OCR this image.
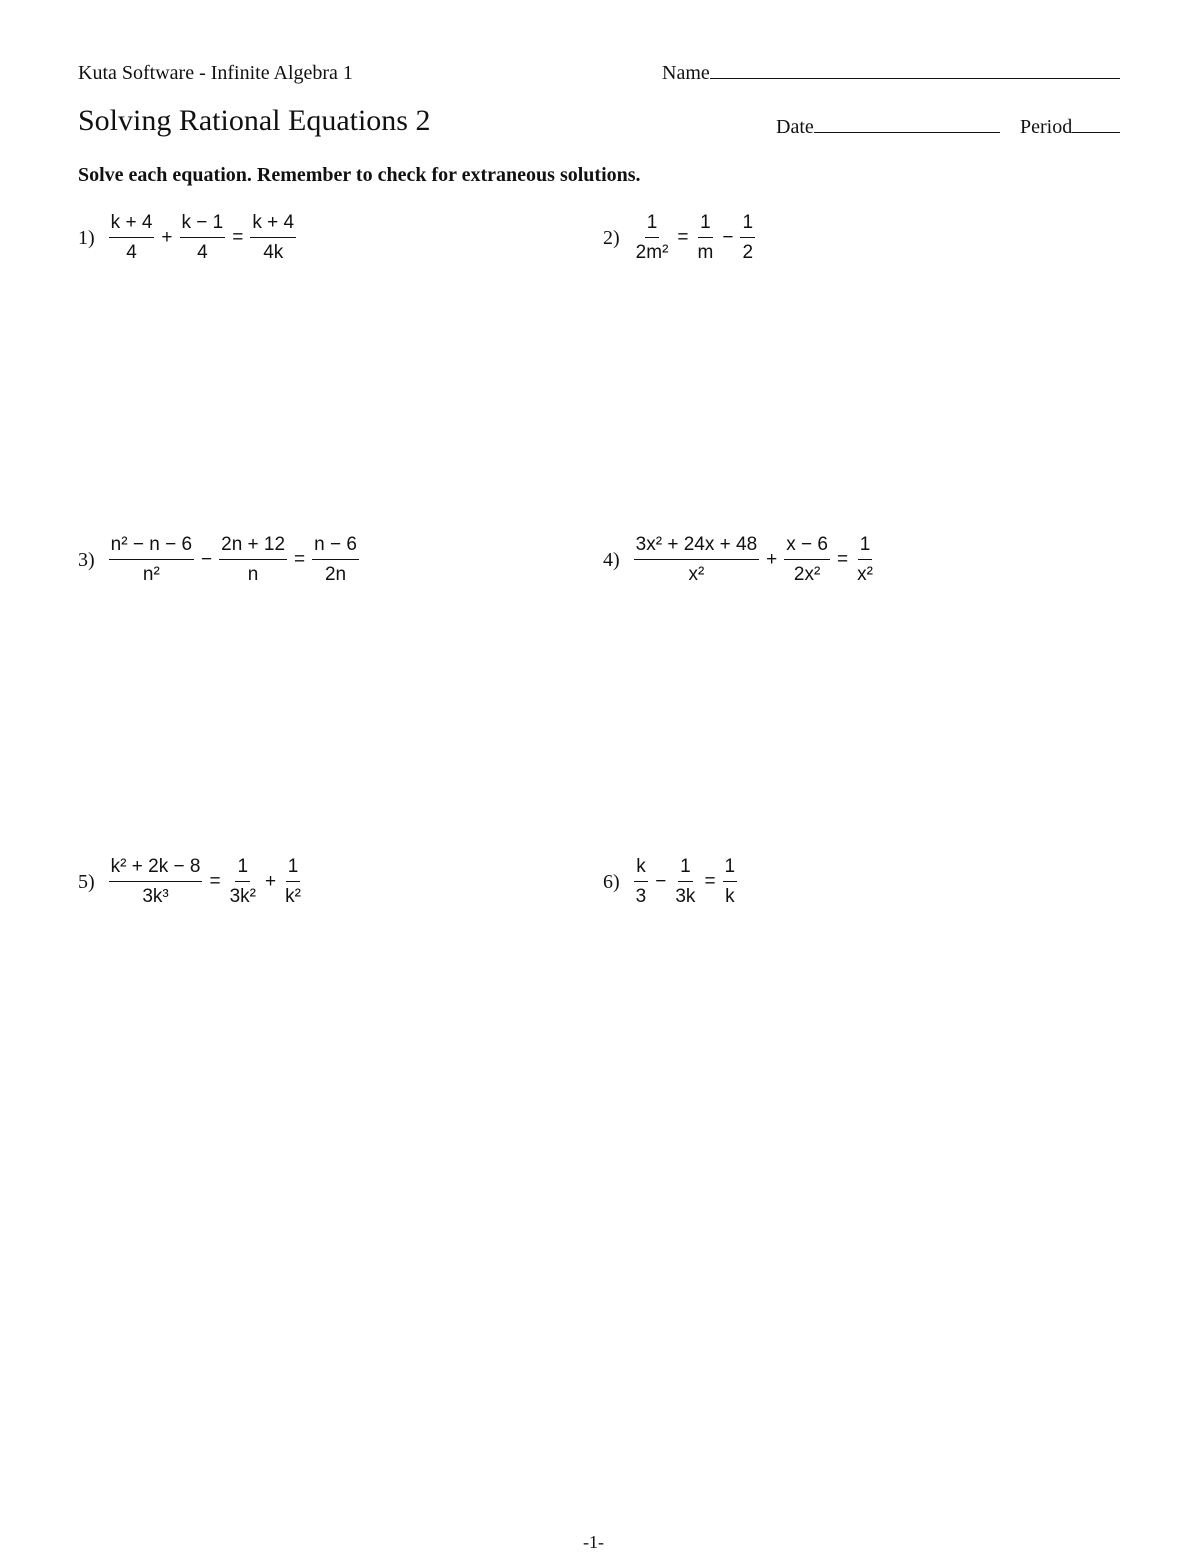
Kuta Software - Infinite Algebra 1	Name
Solving Rational Equations 2	Date	Period
Solve each equation. Remember to check for extraneous solutions.
$1) \frac{k + 4}{4} + \frac{k - 1}{4} = \frac{k + 4}{4k}$	$2) \frac{1}{\text{2m²}} = \frac{1}{m} - \frac{1}{2}$
$3) \frac{\text{n² − n − 6}}{\text{n²}} - \frac{2n + 12}{n} = \frac{n - 6}{2n}$	$4) \frac{\text{3x² + 24x + 48}}{\text{x²}} + \frac{x - 6}{\text{2x²}} = \frac{1}{\text{x²}}$
$5) \frac{\text{k² + 2k − 8}}{\text{3k³}} = \frac{1}{\text{3k²}} + \frac{1}{\text{k²}}$	$6) \frac{k}{3} - \frac{1}{3k} = \frac{1}{k}$
-1-
